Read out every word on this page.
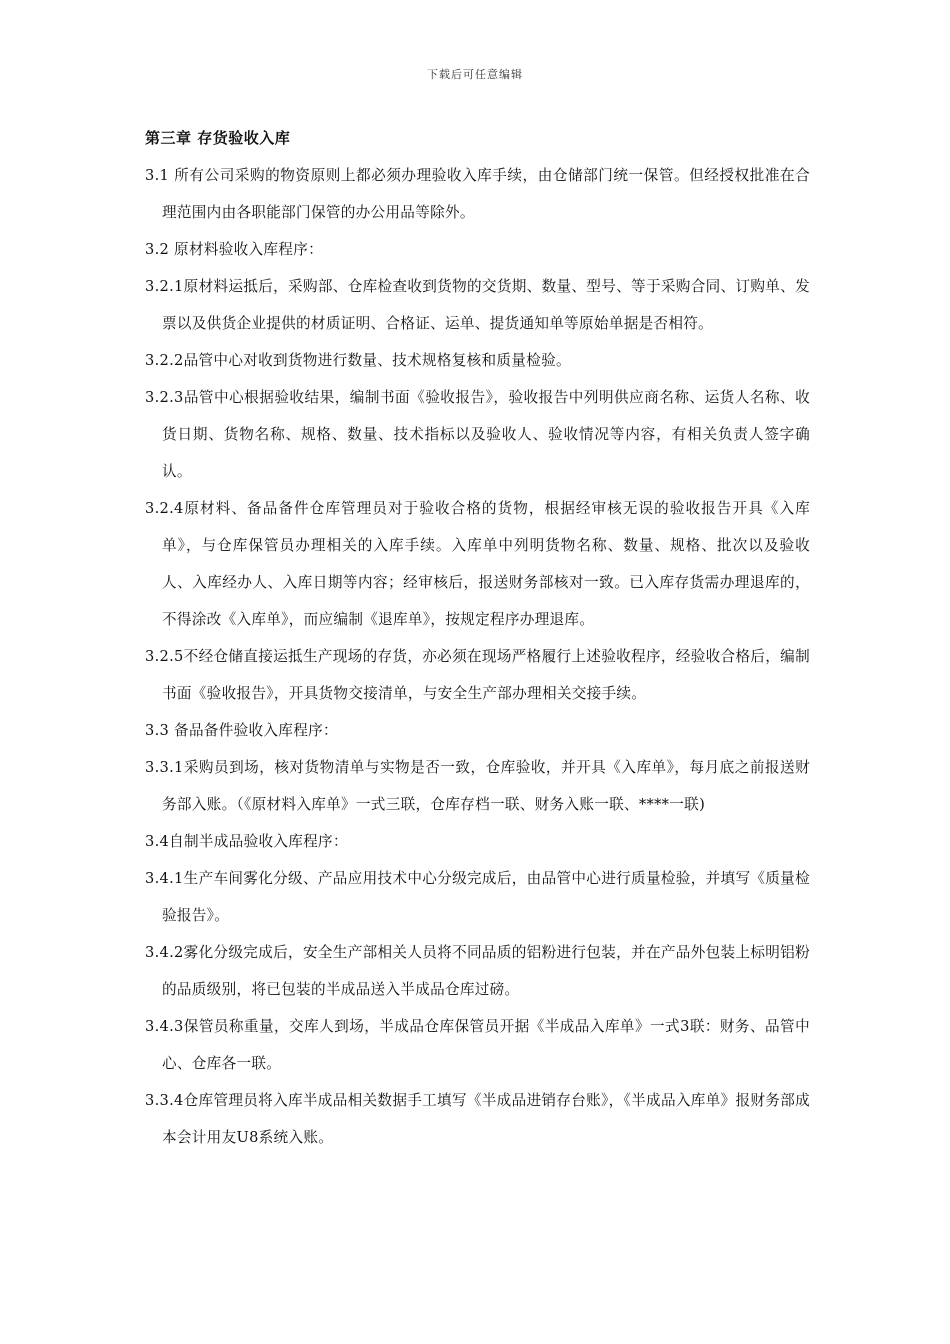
下载后可任意编辑
第三章 存货验收入库

3.1 所有公司采购的物资原则上都必须办理验收入库手续，由仓储部门统一保管。但经授权批准在合理范围内由各职能部门保管的办公用品等除外。

3.2 原材料验收入库程序：

3.2.1原材料运抵后，采购部、仓库检查收到货物的交货期、数量、型号、等于采购合同、订购单、发票以及供货企业提供的材质证明、合格证、运单、提货通知单等原始单据是否相符。

3.2.2品管中心对收到货物进行数量、技术规格复核和质量检验。

3.2.3品管中心根据验收结果，编制书面《验收报告》，验收报告中列明供应商名称、运货人名称、收货日期、货物名称、规格、数量、技术指标以及验收人、验收情况等内容，有相关负责人签字确认。

3.2.4原材料、备品备件仓库管理员对于验收合格的货物，根据经审核无误的验收报告开具《入库单》，与仓库保管员办理相关的入库手续。入库单中列明货物名称、数量、规格、批次以及验收人、入库经办人、入库日期等内容；经审核后，报送财务部核对一致。已入库存货需办理退库的，不得涂改《入库单》，而应编制《退库单》，按规定程序办理退库。

3.2.5不经仓储直接运抵生产现场的存货，亦必须在现场严格履行上述验收程序，经验收合格后，编制书面《验收报告》，开具货物交接清单，与安全生产部办理相关交接手续。

3.3 备品备件验收入库程序：

3.3.1采购员到场，核对货物清单与实物是否一致，仓库验收，并开具《入库单》，每月底之前报送财务部入账。（《原材料入库单》一式三联，仓库存档一联、财务入账一联、****一联)

3.4自制半成品验收入库程序：

3.4.1生产车间雾化分级、产品应用技术中心分级完成后，由品管中心进行质量检验，并填写《质量检验报告》。

3.4.2雾化分级完成后，安全生产部相关人员将不同品质的铝粉进行包装，并在产品外包装上标明铝粉的品质级别，将已包装的半成品送入半成品仓库过磅。

3.4.3保管员称重量，交库人到场，半成品仓库保管员开据《半成品入库单》一式3联：财务、品管中心、仓库各一联。

3.3.4仓库管理员将入库半成品相关数据手工填写《半成品进销存台账》，《半成品入库单》报财务部成本会计用友U8系统入账。
